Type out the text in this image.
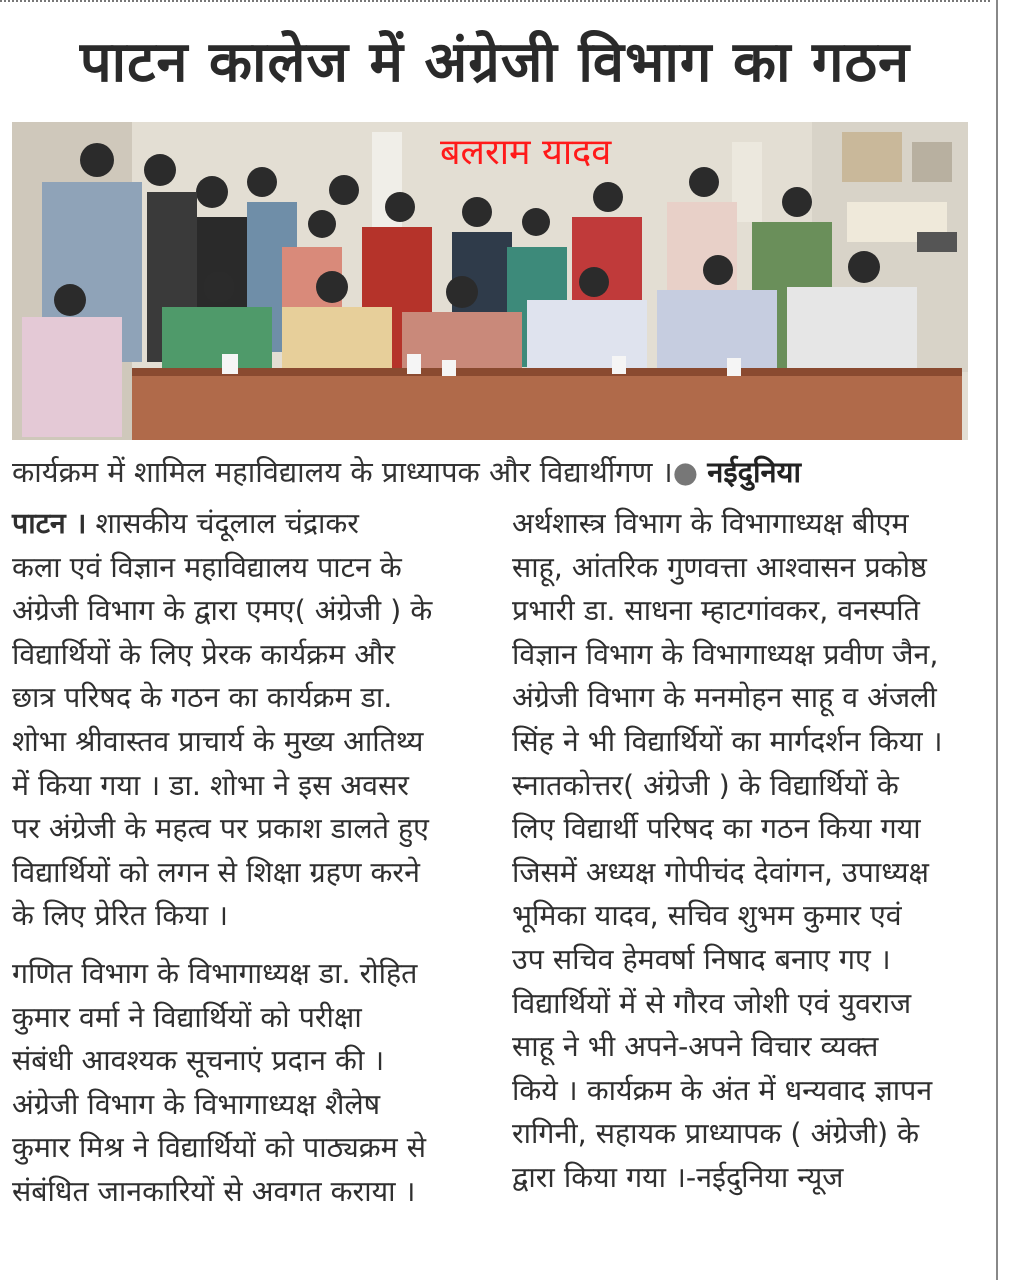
पाटन कालेज में अंग्रेजी विभाग का गठन
बलराम यादव
कार्यक्रम में शामिल महाविद्यालय के प्राध्यापक और विद्यार्थीगण ।● नईदुनिया
पाटन । शासकीय चंदूलाल चंद्राकर
कला एवं विज्ञान महाविद्यालय पाटन के
अंग्रेजी विभाग के द्वारा एमए( अंग्रेजी ) के
विद्यार्थियों के लिए प्रेरक कार्यक्रम और
छात्र परिषद के गठन का कार्यक्रम डा.
शोभा श्रीवास्तव प्राचार्य के मुख्य आतिथ्य
में किया गया । डा. शोभा ने इस अवसर
पर अंग्रेजी के महत्व पर प्रकाश डालते हुए
विद्यार्थियों को लगन से शिक्षा ग्रहण करने
के लिए प्रेरित किया ।
गणित विभाग के विभागाध्यक्ष डा. रोहित
कुमार वर्मा ने विद्यार्थियों को परीक्षा
संबंधी आवश्यक सूचनाएं प्रदान की ।
अंग्रेजी विभाग के विभागाध्यक्ष शैलेष
कुमार मिश्र ने विद्यार्थियों को पाठ्यक्रम से
संबंधित जानकारियों से अवगत कराया ।
अर्थशास्त्र विभाग के विभागाध्यक्ष बीएम
साहू, आंतरिक गुणवत्ता आश्वासन प्रकोष्ठ
प्रभारी डा. साधना म्हाटगांवकर, वनस्पति
विज्ञान विभाग के विभागाध्यक्ष प्रवीण जैन,
अंग्रेजी विभाग के मनमोहन साहू व अंजली
सिंह ने भी विद्यार्थियों का मार्गदर्शन किया ।
स्नातकोत्तर( अंग्रेजी ) के विद्यार्थियों के
लिए विद्यार्थी परिषद का गठन किया गया
जिसमें अध्यक्ष गोपीचंद देवांगन, उपाध्यक्ष
भूमिका यादव, सचिव शुभम कुमार एवं
उप सचिव हेमवर्षा निषाद बनाए गए ।
विद्यार्थियों में से गौरव जोशी एवं युवराज
साहू ने भी अपने-अपने विचार व्यक्त
किये । कार्यक्रम के अंत में धन्यवाद ज्ञापन
रागिनी, सहायक प्राध्यापक ( अंग्रेजी) के
द्वारा किया गया ।-नईदुनिया न्यूज
